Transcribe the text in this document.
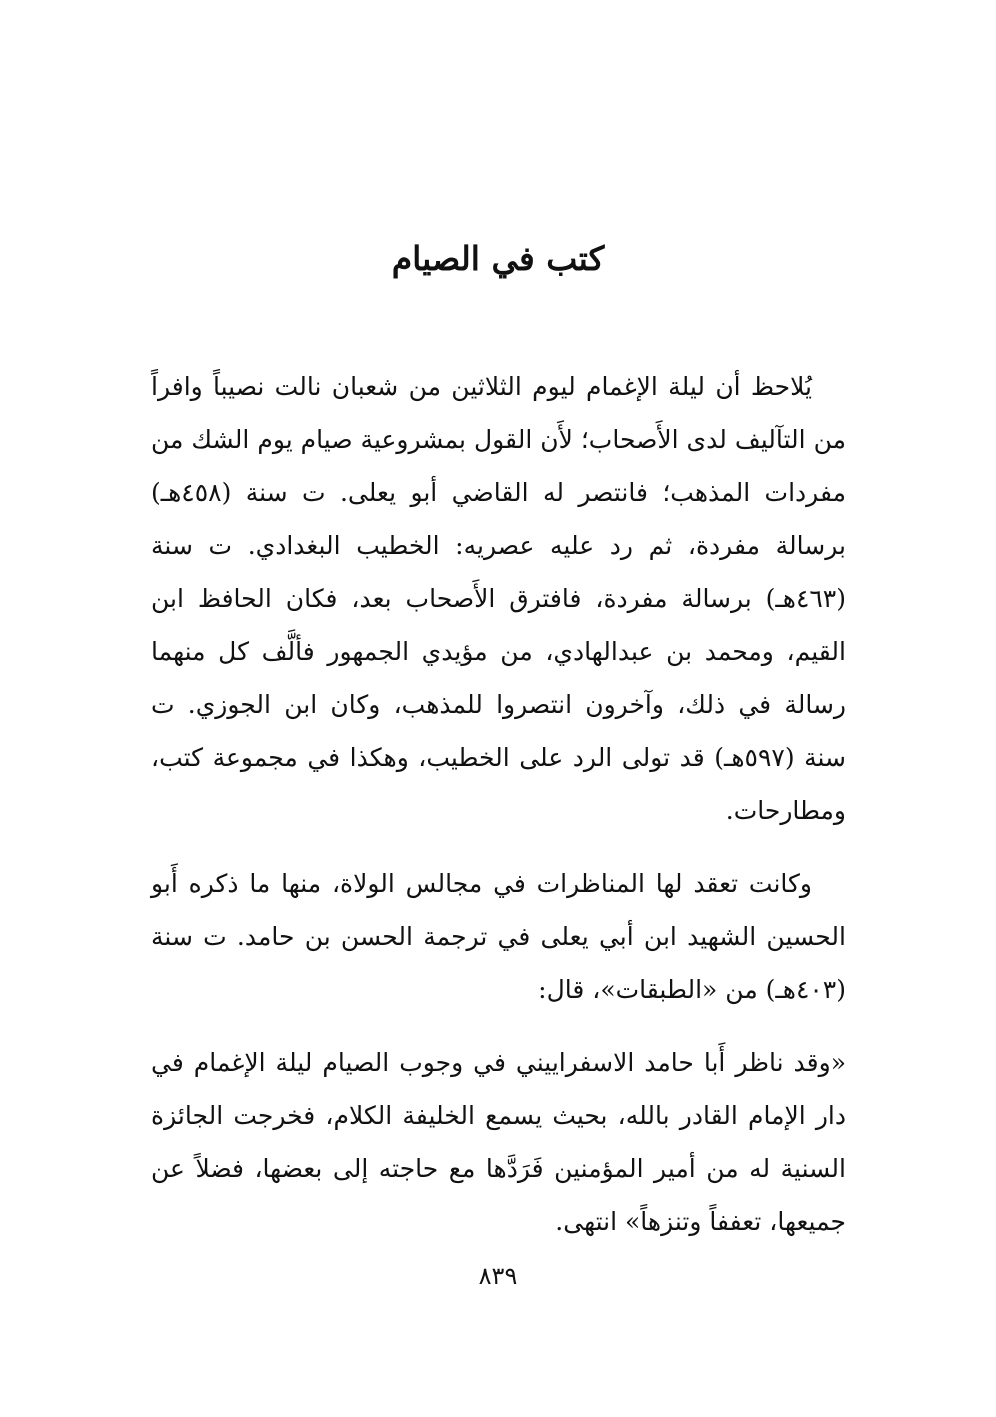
كتب في الصيام

يُلاحظ أن ليلة الإغمام ليوم الثلاثين من شعبان نالت نصيباً وافراً من التآليف لدى الأَصحاب؛ لأَن القول بمشروعية صيام يوم الشك من مفردات المذهب؛ فانتصر له القاضي أبو يعلى. ت سنة (٤٥٨هـ) برسالة مفردة، ثم رد عليه عصريه: الخطيب البغدادي. ت سنة (٤٦٣هـ) برسالة مفردة، فافترق الأَصحاب بعد، فكان الحافظ ابن القيم، ومحمد بن عبدالهادي، من مؤيدي الجمهور فألَّف كل منهما رسالة في ذلك، وآخرون انتصروا للمذهب، وكان ابن الجوزي. ت سنة (٥٩٧هـ) قد تولى الرد على الخطيب، وهكذا في مجموعة كتب، ومطارحات.

وكانت تعقد لها المناظرات في مجالس الولاة، منها ما ذكره أَبو الحسين الشهيد ابن أبي يعلى في ترجمة الحسن بن حامد. ت سنة (٤٠٣هـ) من «الطبقات»، قال:

«وقد ناظر أَبا حامد الاسفراييني في وجوب الصيام ليلة الإغمام في دار الإمام القادر بالله، بحيث يسمع الخليفة الكلام، فخرجت الجائزة السنية له من أمير المؤمنين فَرَدَّها مع حاجته إلى بعضها، فضلاً عن جميعها، تعففاً وتنزهاً» انتهى.

٨٣٩
